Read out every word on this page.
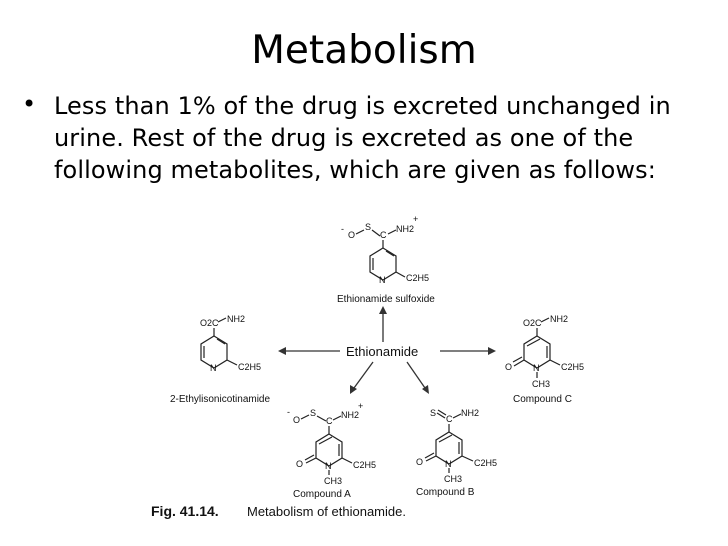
Metabolism
• Less than 1% of the drug is excreted unchanged in urine. Rest of the drug is excreted as one of the following metabolites, which are given as follows:
-
O
S
C
NH2
+
N C2H5
Ethionamide sulfoxide
O2C NH2
N C2H5
2-Ethylisonicotinamide
O2C NH2
O N
CH3
C2H5
Compound C
Ethionamide
-
O
S
C
NH2
+
O N
CH3
C2H5
Compound A
S
C
NH2
O N
CH3
C2H5
Compound B
Fig. 41.14. Metabolism of ethionamide.
